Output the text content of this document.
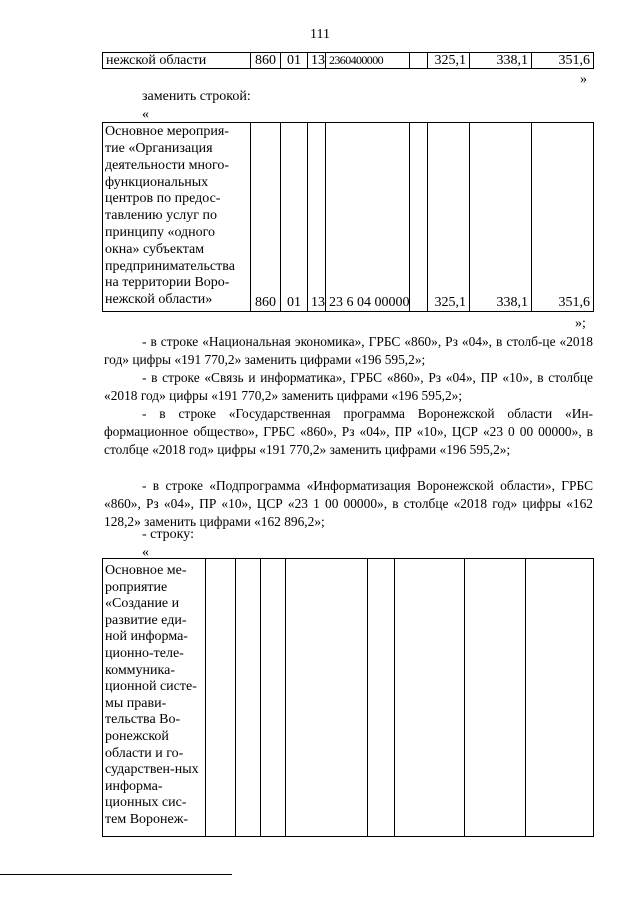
111
нежской области	860	01	13	2360400000		325,1	338,1	351,6
»
заменить строкой:
«
Основное мероприя-тие «Организация деятельности много-функциональных центров по предос-тавлению услуг по принципу «одного окна» субъектам предпринимательства на территории Воро-нежской области»	860	01	13	23 6 04 00000		325,1	338,1	351,6
»;
- в строке «Национальная экономика», ГРБС «860», Рз «04», в столб-це «2018 год» цифры «191 770,2» заменить цифрами «196 595,2»;
- в строке «Связь и информатика», ГРБС «860», Рз «04», ПР «10», в столбце «2018 год» цифры «191 770,2» заменить цифрами «196 595,2»;
- в строке «Государственная программа Воронежской области «Ин-формационное общество», ГРБС «860», Рз «04», ПР «10», ЦСР «23 0 00 00000», в столбце «2018 год» цифры «191 770,2» заменить цифрами «196 595,2»;
- в строке «Подпрограмма «Информатизация Воронежской области», ГРБС «860», Рз «04», ПР «10», ЦСР «23 1 00 00000», в столбце «2018 год» цифры «162 128,2» заменить цифрами «162 896,2»;
- строку:
«
Основное ме-роприятие «Создание и развитие еди-ной информа-ционно-теле-коммуника-ционной систе-мы прави-тельства Во-ронежской области и го-сударствен-ных информа-ционных сис-тем Воронеж-								
